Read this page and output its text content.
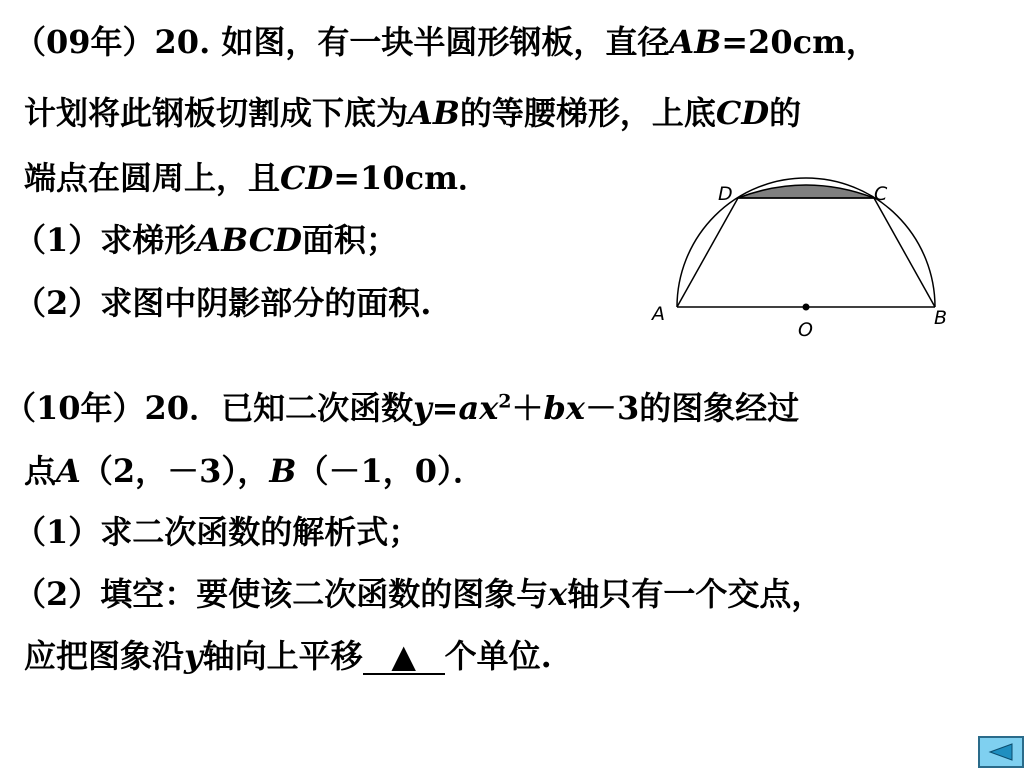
（09年）20. 如图，有一块半圆形钢板，直径AB=20cm，
计划将此钢板切割成下底为AB的等腰梯形，上底CD的
端点在圆周上，且CD=10cm．
（1）求梯形ABCD面积；
（2）求图中阴影部分的面积.
D	C
A	B
O
（10年）20．已知二次函数$y=ax^2+bx-3$的图象经过
点A（2，－3），B（－1，0）．
（1）求二次函数的解析式；
（2）填空：要使该二次函数的图象与x轴只有一个交点，
应把图象沿y轴向上平移 ▲ 个单位.
